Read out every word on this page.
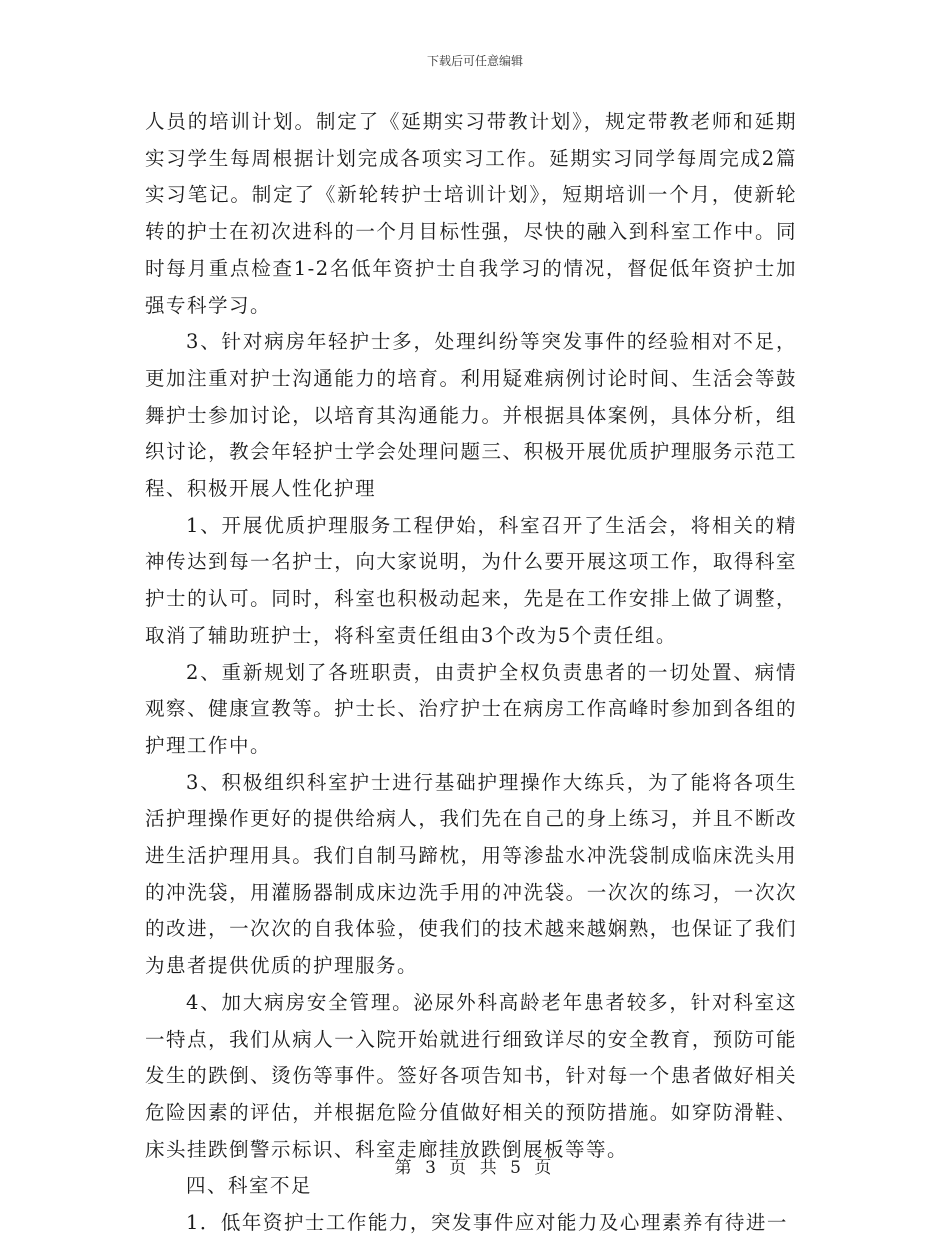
下载后可任意编辑

人员的培训计划。制定了《延期实习带教计划》，规定带教老师和延期实习学生每周根据计划完成各项实习工作。延期实习同学每周完成2篇实习笔记。制定了《新轮转护士培训计划》，短期培训一个月，使新轮转的护士在初次进科的一个月目标性强，尽快的融入到科室工作中。同时每月重点检查1-2名低年资护士自我学习的情况，督促低年资护士加强专科学习。

3、针对病房年轻护士多，处理纠纷等突发事件的经验相对不足，更加注重对护士沟通能力的培育。利用疑难病例讨论时间、生活会等鼓舞护士参加讨论，以培育其沟通能力。并根据具体案例，具体分析，组织讨论，教会年轻护士学会处理问题三、积极开展优质护理服务示范工程、积极开展人性化护理

1、开展优质护理服务工程伊始，科室召开了生活会，将相关的精神传达到每一名护士，向大家说明，为什么要开展这项工作，取得科室护士的认可。同时，科室也积极动起来，先是在工作安排上做了调整，取消了辅助班护士，将科室责任组由3个改为5个责任组。

2、重新规划了各班职责，由责护全权负责患者的一切处置、病情观察、健康宣教等。护士长、治疗护士在病房工作高峰时参加到各组的护理工作中。

3、积极组织科室护士进行基础护理操作大练兵，为了能将各项生活护理操作更好的提供给病人，我们先在自己的身上练习，并且不断改进生活护理用具。我们自制马蹄枕，用等渗盐水冲洗袋制成临床洗头用的冲洗袋，用灌肠器制成床边洗手用的冲洗袋。一次次的练习，一次次的改进，一次次的自我体验，使我们的技术越来越娴熟，也保证了我们为患者提供优质的护理服务。

4、加大病房安全管理。泌尿外科高龄老年患者较多，针对科室这一特点，我们从病人一入院开始就进行细致详尽的安全教育，预防可能发生的跌倒、烫伤等事件。签好各项告知书，针对每一个患者做好相关危险因素的评估，并根据危险分值做好相关的预防措施。如穿防滑鞋、床头挂跌倒警示标识、科室走廊挂放跌倒展板等等。

四、科室不足

1．低年资护士工作能力，突发事件应对能力及心理素养有待进一

第 3 页 共 5 页
